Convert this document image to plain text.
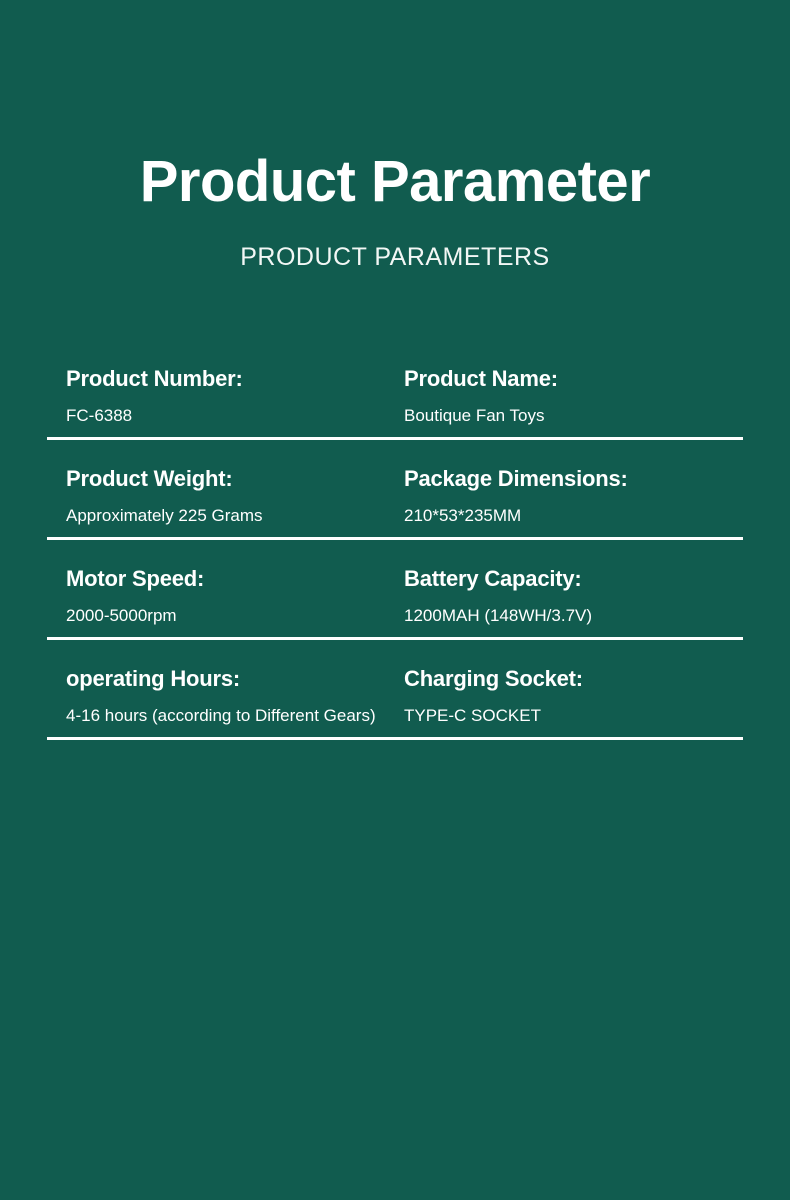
Product Parameter
PRODUCT PARAMETERS
Product Number:
FC-6388
Product Name:
Boutique Fan Toys
Product Weight:
Approximately 225 Grams
Package Dimensions:
210*53*235MM
Motor Speed:
2000-5000rpm
Battery Capacity:
1200MAH (148WH/3.7V)
operating Hours:
4-16 hours (according to Different Gears)
Charging Socket:
TYPE-C SOCKET
